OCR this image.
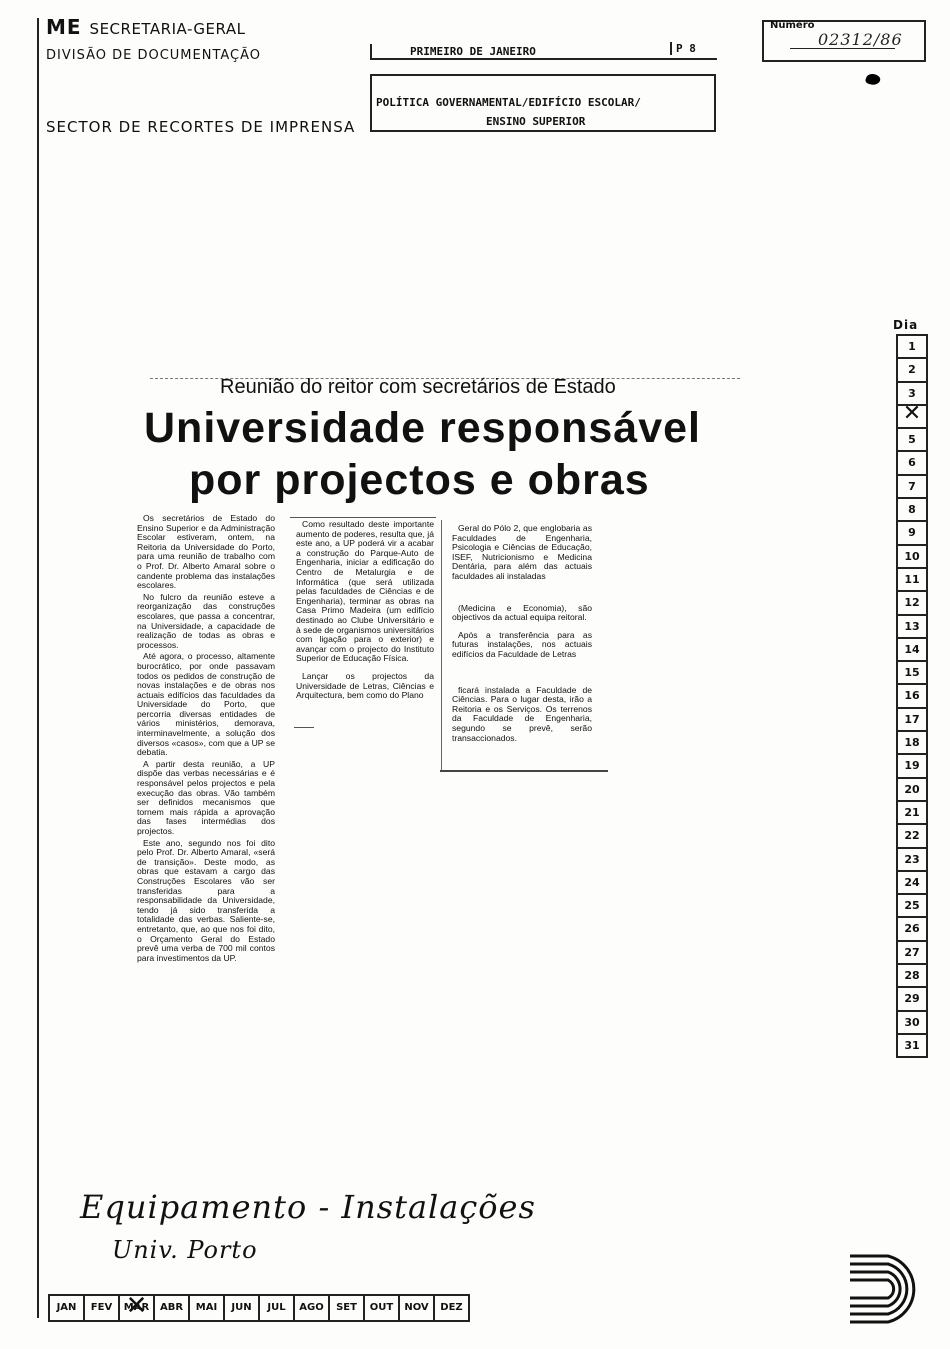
ME SECRETARIA-GERAL
DIVISÃO DE DOCUMENTAÇÃO
SECTOR DE RECORTES DE IMPRENSA
PRIMEIRO DE JANEIRO	P 8
POLÍTICA GOVERNAMENTAL/EDIFÍCIO ESCOLAR/
ENSINO SUPERIOR
Número
02312/86
Dia
1
2
3
✕
5
6
7
8
9
10
11
12
13
14
15
16
17
18
19
20
21
22
23
24
25
26
27
28
29
30
31
Reunião do reitor com secretários de Estado
Universidade responsável
por projectos e obras

Os secretários de Estado do Ensino Superior e da Administração Escolar estiveram, ontem, na Reitoria da Universidade do Porto, para uma reunião de trabalho com o Prof. Dr. Alberto Amaral sobre o candente problema das instalações escolares.

No fulcro da reunião esteve a reorganização das construções escolares, que passa a concentrar, na Universidade, a capacidade de realização de todas as obras e processos.

Até agora, o processo, altamente burocrático, por onde passavam todos os pedidos de construção de novas instalações e de obras nos actuais edifícios das faculdades da Universidade do Porto, que percorria diversas entidades de vários ministérios, demorava, interminavelmente, a solução dos diversos «casos», com que a UP se debatia.

A partir desta reunião, a UP dispõe das verbas necessárias e é responsável pelos projectos e pela execução das obras. Vão também ser definidos mecanismos que tornem mais rápida a aprovação das fases intermédias dos projectos.

Este ano, segundo nos foi dito pelo Prof. Dr. Alberto Amaral, «será de transição». Deste modo, as obras que estavam a cargo das Construções Escolares vão ser transferidas para a responsabilidade da Universidade, tendo já sido transferida a totalidade das verbas. Saliente-se, entretanto, que, ao que nos foi dito, o Orçamento Geral do Estado prevê uma verba de 700 mil contos para investimentos da UP.

Como resultado deste importante aumento de poderes, resulta que, já este ano, a UP poderá vir a acabar a construção do Parque-Auto de Engenharia, iniciar a edificação do Centro de Metalurgia e de Informática (que será utilizada pelas faculdades de Ciências e de Engenharia), terminar as obras na Casa Primo Madeira (um edifício destinado ao Clube Universitário e à sede de organismos universitários com ligação para o exterior) e avançar com o projecto do Instituto Superior de Educação Física.

Lançar os projectos da Universidade de Letras, Ciências e Arquitectura, bem como do Plano

Geral do Pólo 2, que englobaria as Faculdades de Engenharia, Psicologia e Ciências de Educação, ISEF, Nutricionismo e Medicina Dentária, para além das actuais faculdades ali instaladas

(Medicina e Economia), são objectivos da actual equipa reitoral.

Após a transferência para as futuras instalações, nos actuais edifícios da Faculdade de Letras

ficará instalada a Faculdade de Ciências. Para o lugar desta, irão a Reitoria e os Serviços. Os terrenos da Faculdade de Engenharia, segundo se prevê, serão transaccionados.

Equipamento - Instalações
Univ. Porto
JAN	FEV	MAR ✕	ABR	MAI	JUN	JUL	AGO	SET	OUT	NOV	DEZ
